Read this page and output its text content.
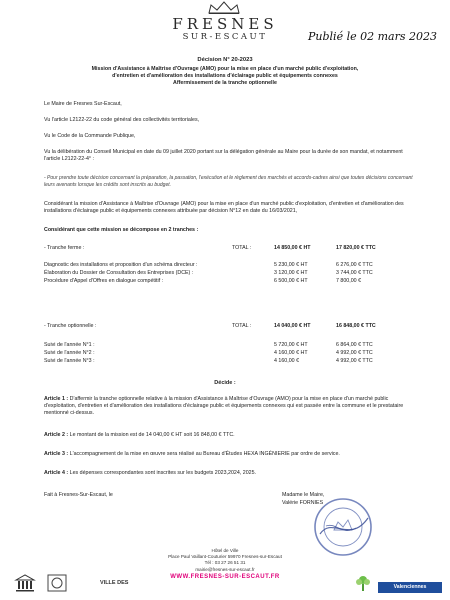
FRESNES
SUR-ESCAUT	Publié le 02 mars 2023
Décision N° 20-2023
Mission d'Assistance à Maîtrise d'Ouvrage (AMO) pour la mise en place d'un marché public d'exploitation,
d'entretien et d'amélioration des installations d'éclairage public et équipements connexes
Affermissement de la tranche optionnelle
Le Maire de Fresnes Sur-Escaut,
Vu l'article L2122-22 du code général des collectivités territoriales,
Vu le Code de la Commande Publique,
Vu la délibération du Conseil Municipal en date du 09 juillet 2020 portant sur la délégation générale au Maire pour la durée de son mandat, et notamment l'article L2122-22-4° :
- Pour prendre toute décision concernant la préparation, la passation, l'exécution et le règlement des marchés et accords-cadres ainsi que toutes décisions concernant leurs avenants lorsque les crédits sont inscrits au budget.
Considérant la mission d'Assistance à Maîtrise d'Ouvrage (AMO) pour la mise en place d'un marché public d'exploitation, d'entretien et d'amélioration des installations d'éclairage public et équipements connexes attribuée par décision N°12 en date du 16/03/2021,
Considérant que cette mission se décompose en 2 tranches :
- Tranche ferme :	TOTAL :	14 850,00 € HT	17 820,00 € TTC
Diagnostic des installations et proposition d'un schéma directeur :	5 230,00 € HT	6 276,00 € TTC
Élaboration du Dossier de Consultation des Entreprises (DCE) :	3 120,00 € HT	3 744,00 € TTC
Procédure d'Appel d'Offres en dialogue compétitif :	6 500,00 € HT	7 800,00 €
- Tranche optionnelle :	TOTAL :	14 040,00 € HT	16 848,00 € TTC
Suivi de l'année N°1 :	5 720,00 € HT	6 864,00 € TTC
Suivi de l'année N°2 :	4 160,00 € HT	4 992,00 € TTC
Suivi de l'année N°3 :	4 160,00 €	4 992,00 € TTC
Décide :
Article 1 : D'affermir la tranche optionnelle relative à la mission d'Assistance à Maîtrise d'Ouvrage (AMO) pour la mise en place d'un marché public d'exploitation, d'entretien et d'amélioration des installations d'éclairage public et équipements connexes qui est passée entre la commune et le prestataire mentionné ci-dessus.
Article 2 : Le montant de la mission est de 14 040,00 € HT soit 16 848,00 € TTC.
Article 3 : L'accompagnement de la mise en œuvre sera réalisé au Bureau d'Études HEXA INGÉNIERIE par ordre de service.
Article 4 : Les dépenses correspondantes sont inscrites sur les budgets 2023,2024, 2025.
Fait à Fresnes-Sur-Escaut, le	Madame le Maire,
Valérie FORNIES
Hôtel de Ville
Place Paul Vaillant-Couturier 59970 Fresnes-sur-Escaut
Tél : 03 27 26 51 31
mairie@fresnes-sur-escaut.fr
WWW.FRESNES-SUR-ESCAUT.FR
VILLE DES
Valenciennes
